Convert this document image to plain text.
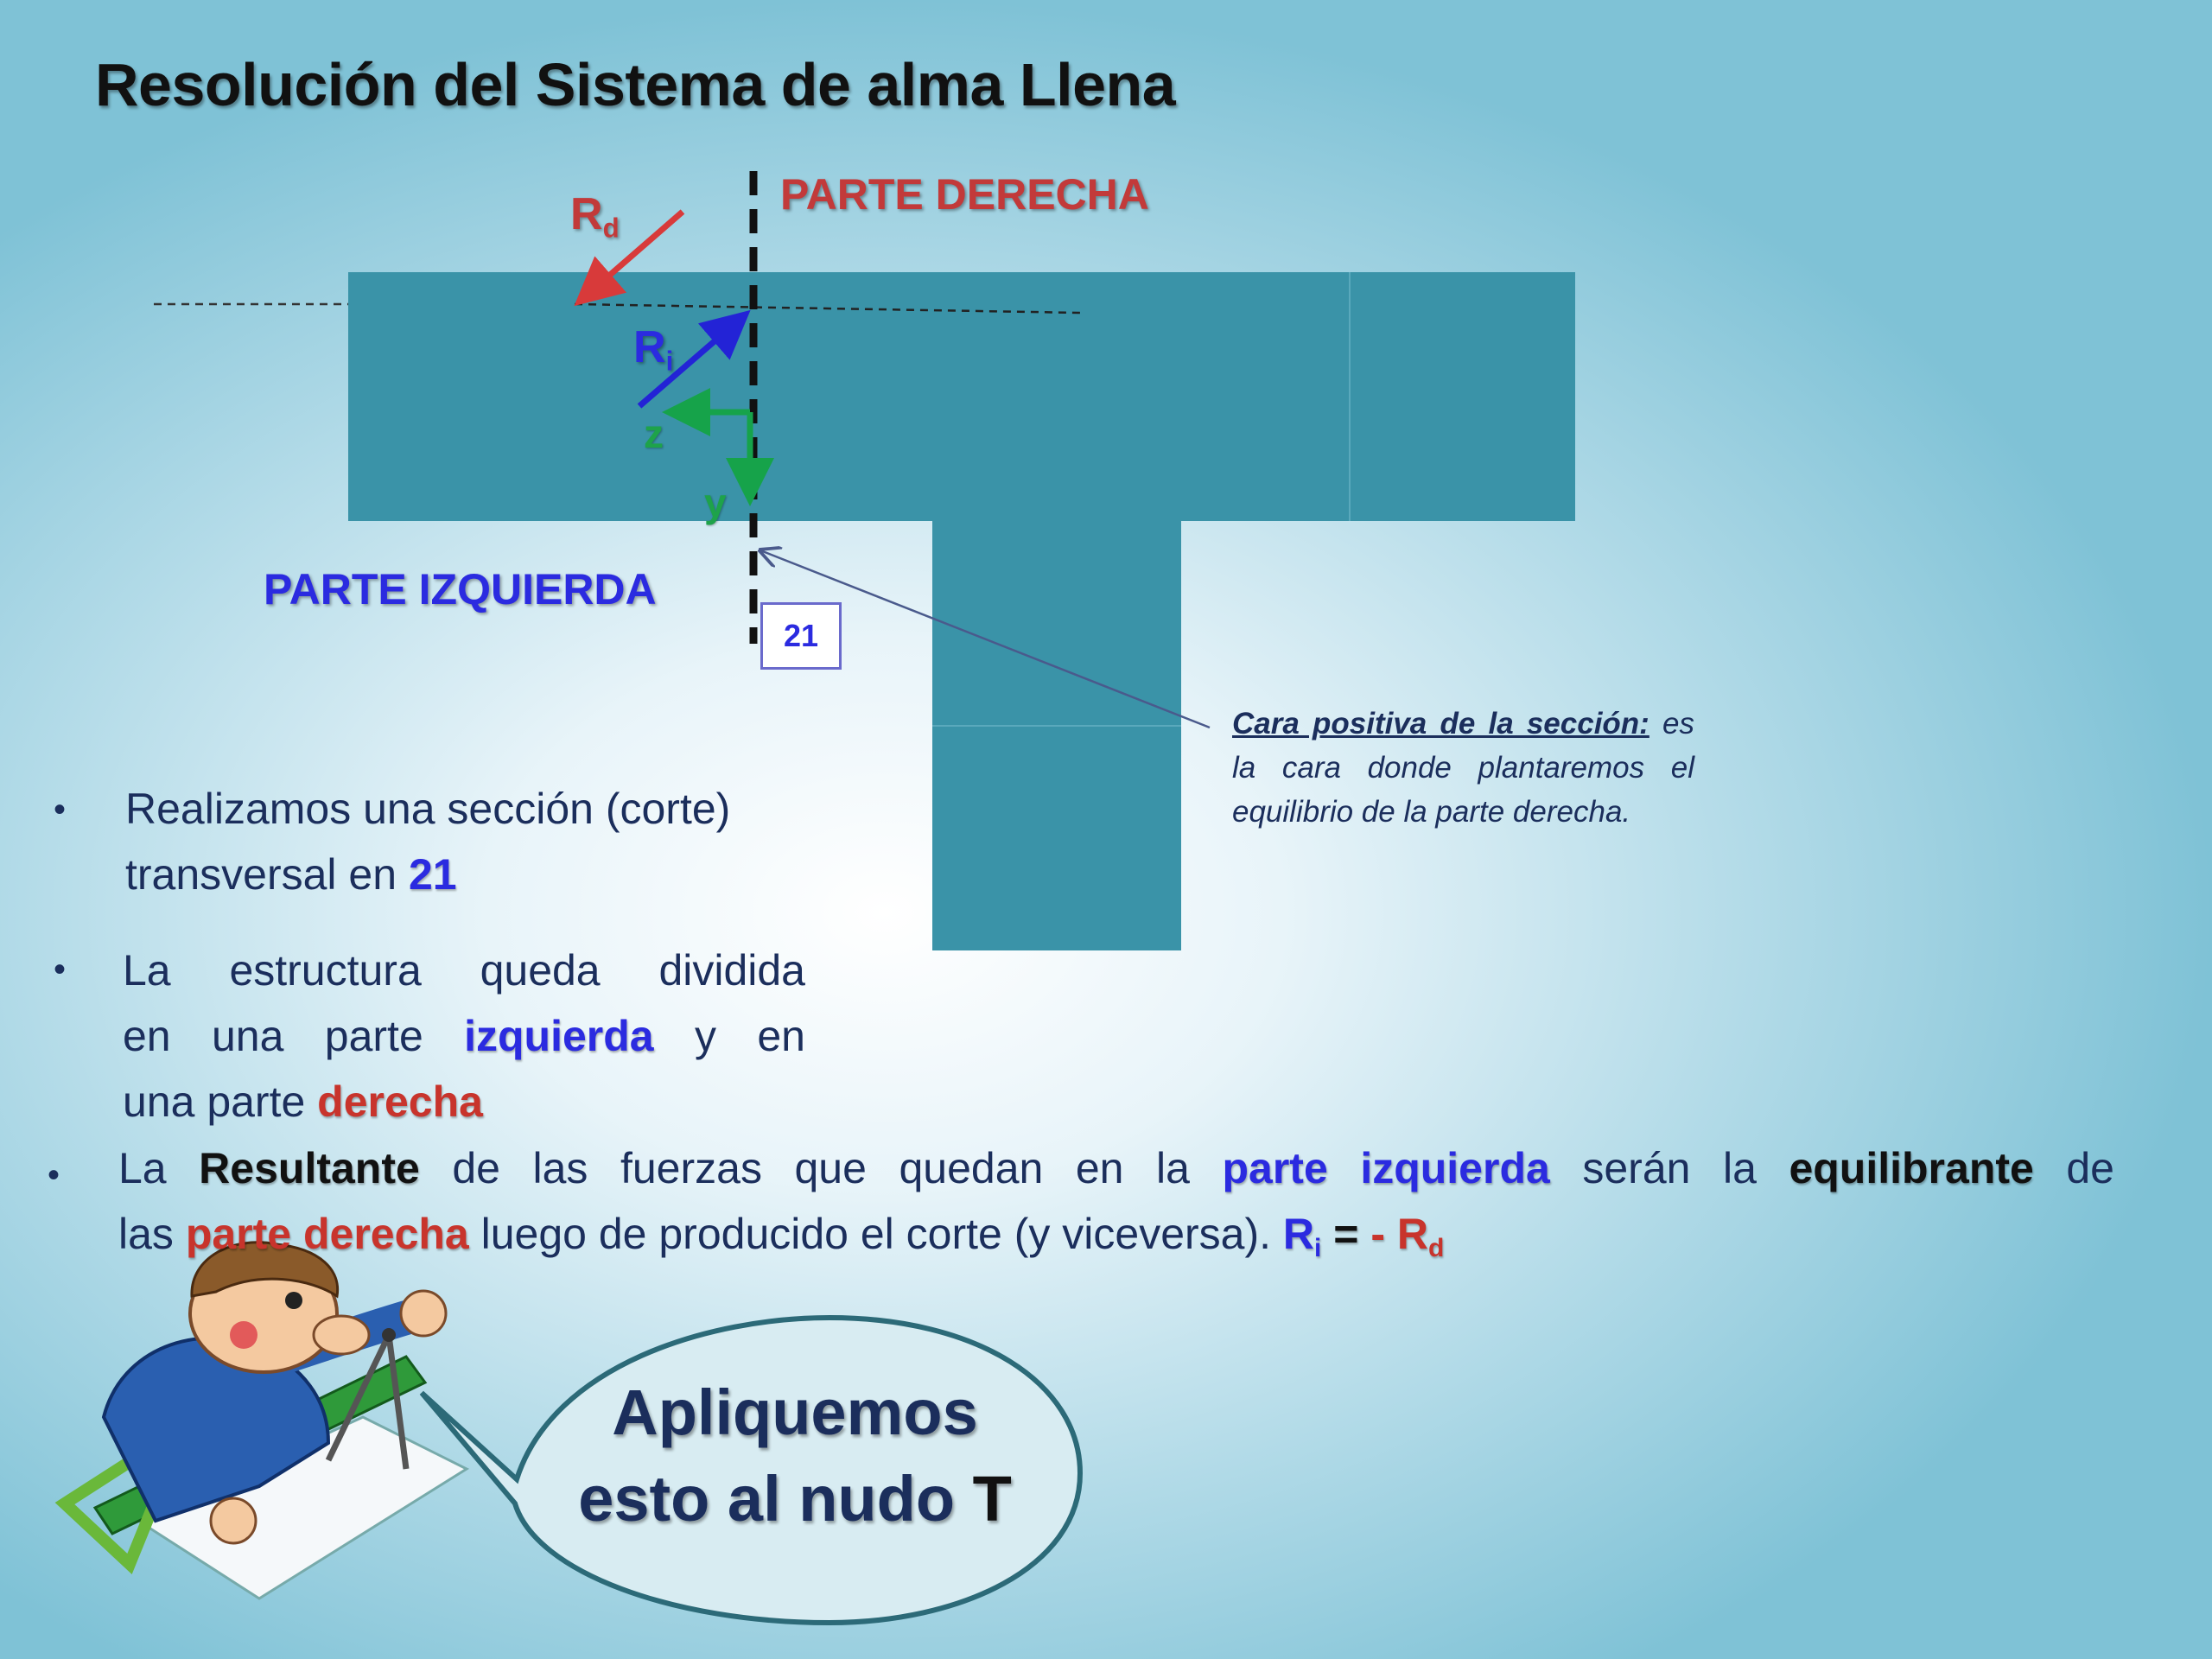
Resolución del Sistema de alma Llena
PARTE DERECHA
PARTE IZQUIERDA
$R_d$
$R_i$
z
y
21
Cara positiva de la sección: es la cara donde plantaremos el equilibrio de la parte derecha.
• Realizamos una sección (corte)
transversal en 21
• La estructura queda dividida
en una parte izquierda y en
una parte derecha
• La Resultante de las fuerzas que quedan en la parte izquierda serán la equilibrante de
las parte derecha luego de producido el corte (y viceversa). $R_i$ = - $R_d$
Apliquemos
esto al nudo T
